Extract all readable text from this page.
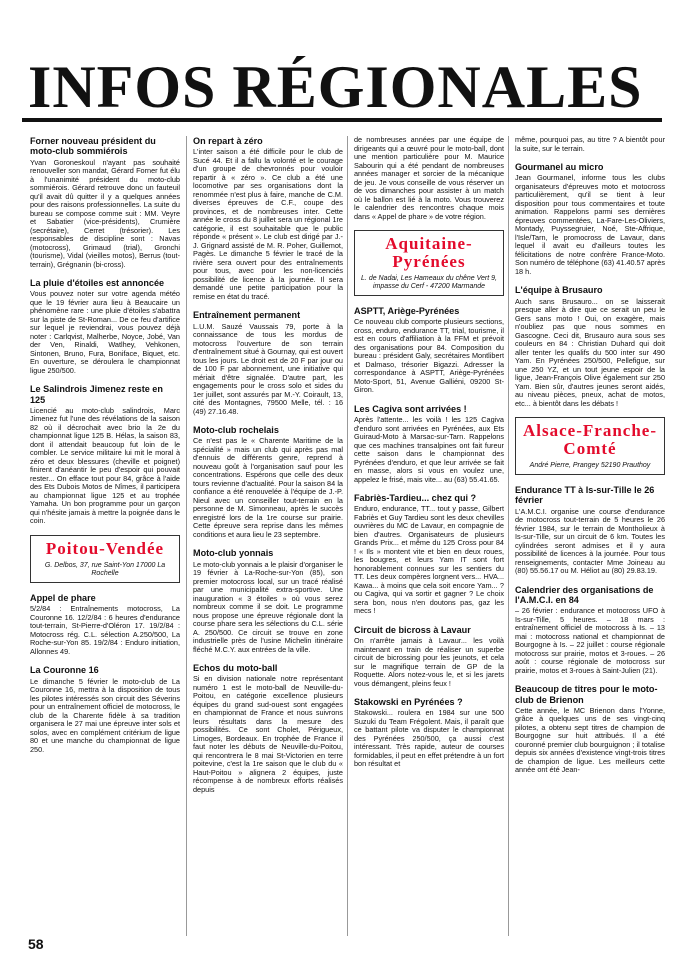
INFOS RÉGIONALES
Forner nouveau président du moto-club sommiérois

Yvan Goroneskoul n'ayant pas souhaité renouveller son mandat, Gérard Forner fut élu à l'unanimité président du moto-club sommiérois. Gérard retrouve donc un fauteuil qu'il avait dû quitter il y a quelques années pour des raisons professionnelles. La suite du bureau se compose comme suit : MM. Veyre et Sabatier (vice-présidents), Crumière (secrétaire), Cerret (trésorier). Les responsables de discipline sont : Navas (motocross), Grimaud (trial), Gronchi (tourisme), Vidal (vieilles motos), Berrus (tout-terrain), Grégnanin (bi-cross).

La pluie d'étoiles est annoncée

Vous pouvez noter sur votre agenda météo que le 19 février aura lieu à Beaucaire un phénomène rare : une pluie d'étoiles s'abattra sur la piste de St-Roman... De ce feu d'artifice sur lequel je reviendrai, vous pouvez déjà noter : Carlqvist, Malherbe, Noyce, Jobé, Van der Ven, Rinaldi, Watlhey, Vehkonen, Sintonen, Bruno, Fura, Boniface, Biquet, etc. En ouverture, se déroulera le championnat ligue 250/500.

Le Salindrois Jimenez reste en 125

Licencié au moto-club salindrois, Marc Jimenez fut l'une des révélations de la saison 82 où il décrochait avec brio la 2e du championnat ligue 125 B. Hélas, la saison 83, dont il attendait beaucoup fut loin de le combler. Le service militaire lui mit le moral à zéro et deux blessures (cheville et poignet) finirent d'anéantir le peu d'espoir qui pouvait rester... On efface tout pour 84, grâce à l'aide des Ets Dubois Motos de Nîmes, il participera au championnat ligue 125 et au trophée Yamaha. Un bon programme pour un garçon qui n'hésite jamais à mettre la poignée dans le coin.

Poitou-Vendée
G. Delbos, 37, rue Saint-Yon 17000 La Rochelle
Appel de phare

5/2/84 : Entraînements motocross, La Couronne 16. 12/2/84 : 6 heures d'endurance tout-terrain, St-Pierre-d'Oléron 17. 19/2/84 : Motocross rég. C.L. sélection A.250/500, La Roche-sur-Yon 85. 19/2/84 : Enduro initiation, Allonnes 49.

La Couronne 16

Le dimanche 5 février le moto-club de La Couronne 16, mettra à la disposition de tous les pilotes intéressés son circuit des Séverins pour un entraînement officiel de motocross, le club de la Charente fidèle à sa tradition organisera le 27 mai une épreuve inter sols et solos, avec en complément critérium de ligue 80 et une manche du championnat de ligue 250.

On repart à zéro

L'inter saison a été difficile pour le club de Sucé 44. Et il a fallu la volonté et le courage d'un groupe de chevronnés pour vouloir repartir à « zéro ». Ce club a été une locomotive par ses organisations dont la renommée n'est plus à faire, manche de C.M. diverses épreuves de C.F., coupe des provinces, et de nombreuses inter. Cette année le cross du 8 juillet sera un régional 1re catégorie, il est souhaitable que le public réponde « présent ». Le club est dirigé par J.-J. Grignard assisté de M. R. Poher, Guillemot, Pagès. Le dimanche 5 février le tracé de la rivière sera ouvert pour des entraînements pour tous, avec pour les non-licenciés possibilité de licence à la journée. Il sera demandé une petite participation pour la remise en état du tracé.

Entraînement permanent

L.U.M. Sauzé Vaussais 79, porte à la connaissance de tous les mordus de motocross l'ouverture de son terrain d'entraînement situé à Gournay, qui est ouvert tous les jours. Le droit est de 20 F par jour ou de 100 F par abonnement, une initiative qui mériait d'être signalée. D'autre part, les engagements pour le cross solo et sides du 1er juillet, sont assurés par M.-Y. Coirault, 13, cité des Montagnes, 79500 Melle, tél. : 16 (49) 27.16.48.

Moto-club rochelais

Ce n'est pas le « Charente Maritime de la spécialité » mais un club qui après pas mal d'ennuis de différents genre, reprend à nouveau goût à l'organisation sauf pour les concentrations. Espérons que celle des deux tours revienne d'actualité. Pour la saison 84 la confiance a été renouvelée à l'équipe de J.-P. Nieul avec un conseiller tout-terrain en la personne de M. Simonneau, après le succès enregistré lors de la 1re course sur prairie. Cette épreuve sera reprise dans les mêmes conditions et aura lieu le 23 septembre.

Moto-club yonnais

Le moto-club yonnais a le plaisir d'organiser le 19 février à La-Roche-sur-Yon (85), son premier motocross local, sur un tracé réalisé par une municipalité extra-sportive. Une inauguration « 3 étoiles » où vous serez nombreux comme il se doit. Le programme nous propose une épreuve régionale dont la course phare sera les sélections du C.L. série A. 250/500. Ce circuit se trouve en zone industrielle près de l'usine Michelin itinéraire fléché M.C.Y. aux entrées de la ville.

Echos du moto-ball

Si en division nationale notre représentant numéro 1 est le moto-ball de Neuville-du-Poitou, en catégorie excellence plusieurs équipes du grand sud-ouest sont engagées en championnat de France et nous suivrons leurs résultats dans la mesure des possibilités. Ce sont Cholet, Périgueux, Limoges, Bordeaux. En trophée de France il faut noter les débuts de Neuville-du-Poitou, qui rencontrera le 8 mai St-Victorien en terre poitevine, c'est la 1re saison que le club du « Haut-Poitou » alignera 2 équipes, juste récompense à de nombreux efforts réalisés depuis

de nombreuses années par une équipe de dirigeants qui a œuvré pour le moto-ball, dont une mention particulière pour M. Maurice Sabourin qui a été pendant de nombreuses années manager et sorcier de la mécanique de jeu. Je vous conseille de vous réserver un de vos dimanches pour assister à un match où le ballon est lié à la moto. Vous trouverez le calendrier des rencontres chaque mois dans « Appel de phare » de votre région.

Aquitaine-Pyrénées
L. de Nadai, Les Hameaux du chêne Vert 9, impasse du Cerf - 47200 Marmande
ASPTT, Ariège-Pyrénées

Ce nouveau club comporte plusieurs sections, cross, enduro, endurance TT, trial, tourisme, il est en cours d'affiliation à la FFM et prévoit des organisations pour 84. Composition du bureau : président Galy, secrétaires Montlibert et Dalmaso, trésorier Bigazzi. Adresser la correspondance à ASPTT, Ariège-Pyrénées Moto-Sport, 51, Avenue Galliéni, 09200 St-Giron.

Les Cagiva sont arrivées !

Après l'attente... les voilà ! les 125 Cagiva d'enduro sont arrivées en Pyrénées, aux Ets Guiraud-Moto à Marsac-sur-Tarn. Rappelons que ces machines transalpines ont fait fureur cette saison dans le championnat des Pyrénées d'enduro, et que leur arrivée se fait en masse, alors si vous en voulez une, appelez le frisé, mais vite... au (63) 55.41.65.

Fabriès-Tardieu... chez qui ?

Enduro, endurance, TT... tout y passe, Gilbert Fabriès et Guy Tardieu sont les deux chevilles ouvrières du MC de Lavaur, en compagnie de bien d'autres. Organisateurs de plusieurs Grands Prix... et même du 125 Cross pour 84 ! « Ils » montent vite et bien en deux roues, les bougres, et leurs Yam IT sont fort honorablement connues sur les sentiers du TT. Les deux compères lorgnent vers... HVA... Kawa... à moins que cela soit encore Yam... ? ou Cagiva, qui va sortir et gagner ? Le choix sera bon, nous n'en doutons pas, gaz les mecs !

Circuit de bicross à Lavaur

On n'arrête jamais à Lavaur... les voilà maintenant en train de réaliser un superbe circuit de bicrossing pour les jeunots, et cela sur le magnifique terrain de GP de la Roquette. Alors notez-vous le, et si les jarets vous démangent, pleins feux !

Stakowski en Pyrénées ?

Stakowski... roulera en 1984 sur une 500 Suzuki du Team Frégolent. Mais, il paraît que ce battant pilote va disputer le championnat des Pyrénées 250/500, ça aussi c'est intéressant. Très rapide, auteur de courses formidables, il peut en effet prétendre à un fort bon résultat et

même, pourquoi pas, au titre ? A bientôt pour la suite, sur le terrain.

Gourmanel au micro

Jean Gourmanel, informe tous les clubs organisateurs d'épreuves moto et motocross particulièrement, qu'il se tient à leur disposition pour tous commentaires et toute animation. Rappelons parmi ses dernières épreuves commentées, La-Fare-Les-Oliviers, Montady, Puyssegruier, Noé, Ste-Affrique, l'Isle/Tarn, le promocross de Lavaur, dans lequel il avait eu d'ailleurs toutes les félicitations de notre confrère France-Moto. Son numéro de téléphone (63) 41.40.57 après 18 h.

L'équipe à Brusauro

Auch sans Brusauro... on se laisserait presque aller à dire que ce serait un peu le Gers sans moto ! Oui, on exagère, mais n'oubliez pas que nous sommes en Gascogne. Ceci dit, Brusauro aura sous ses couleurs en 84 : Christian Duhard qui doit aller tenter les qualifs du 500 inter sur 490 Yam. En Pyrénées 250/500, Pellefigue, sur une 250 YZ, et un tout jeune espoir de la ligue, Jean-François Olive également sur 250 Yam. Bien sûr, d'autres jeunes seront aidés, au niveau pièces, pneux, achat de motos, etc... à bientôt dans les débats !

Alsace-Franche-Comté
André Pierre, Prangey 52190 Prauthoy
Endurance TT à Is-sur-Tille le 26 février

L'A.M.C.I. organise une course d'endurance de motocross tout-terrain de 5 heures le 26 février 1984, sur le terrain de Montholieux à Is-sur-Tille, sur un circuit de 6 km. Toutes les cylindrées seront admises et il y aura possibilité de licences à la journée. Pour tous renseignements, contacter Mme Joineau au (80) 55.56.17 ou M. Héliot au (80) 29.83.19.

Calendrier des organisations de l'A.M.C.I. en 84

– 26 février : endurance et motocross UFO à Is-sur-Tille, 5 heures. – 18 mars : entraînement officiel de motocross à Is. – 13 mai : motocross national et championnat de Bourgogne à Is. – 22 juillet : course régionale motocross sur prairie, motos et 3-roues. – 26 août : course régionale de motocross sur prairie, motos et 3-roues à Saint-Julien (21).

Beaucoup de titres pour le moto-club de Brienon

Cette année, le MC Brienon dans l'Yonne, grâce à quelques uns de ses vingt-cinq pilotes, a obtenu sept titres de champion de Bourgogne sur huit attribués. Il a été couronné premier club bourguignon ; il totalise depuis six années d'existence vingt-trois titres de champion de ligue. Les meilleurs cette année ont été Jean-

58
